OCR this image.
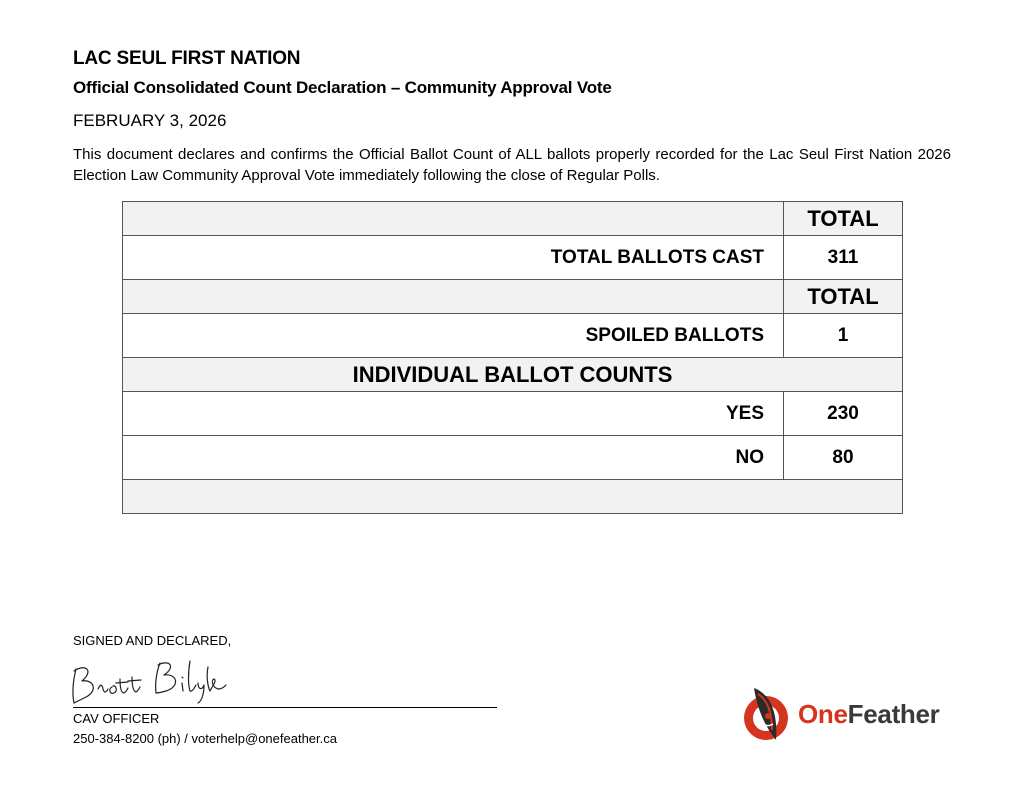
LAC SEUL FIRST NATION
Official Consolidated Count Declaration – Community Approval Vote
FEBRUARY 3, 2026
This document declares and confirms the Official Ballot Count of ALL ballots properly recorded for the Lac Seul First Nation 2026 Election Law Community Approval Vote immediately following the close of Regular Polls.
	TOTAL
TOTAL BALLOTS CAST	311
	TOTAL
SPOILED BALLOTS	1
INDIVIDUAL BALLOT COUNTS	
YES	230
NO	80

SIGNED AND DECLARED,
CAV OFFICER
250-384-8200 (ph) / voterhelp@onefeather.ca
OneFeather
